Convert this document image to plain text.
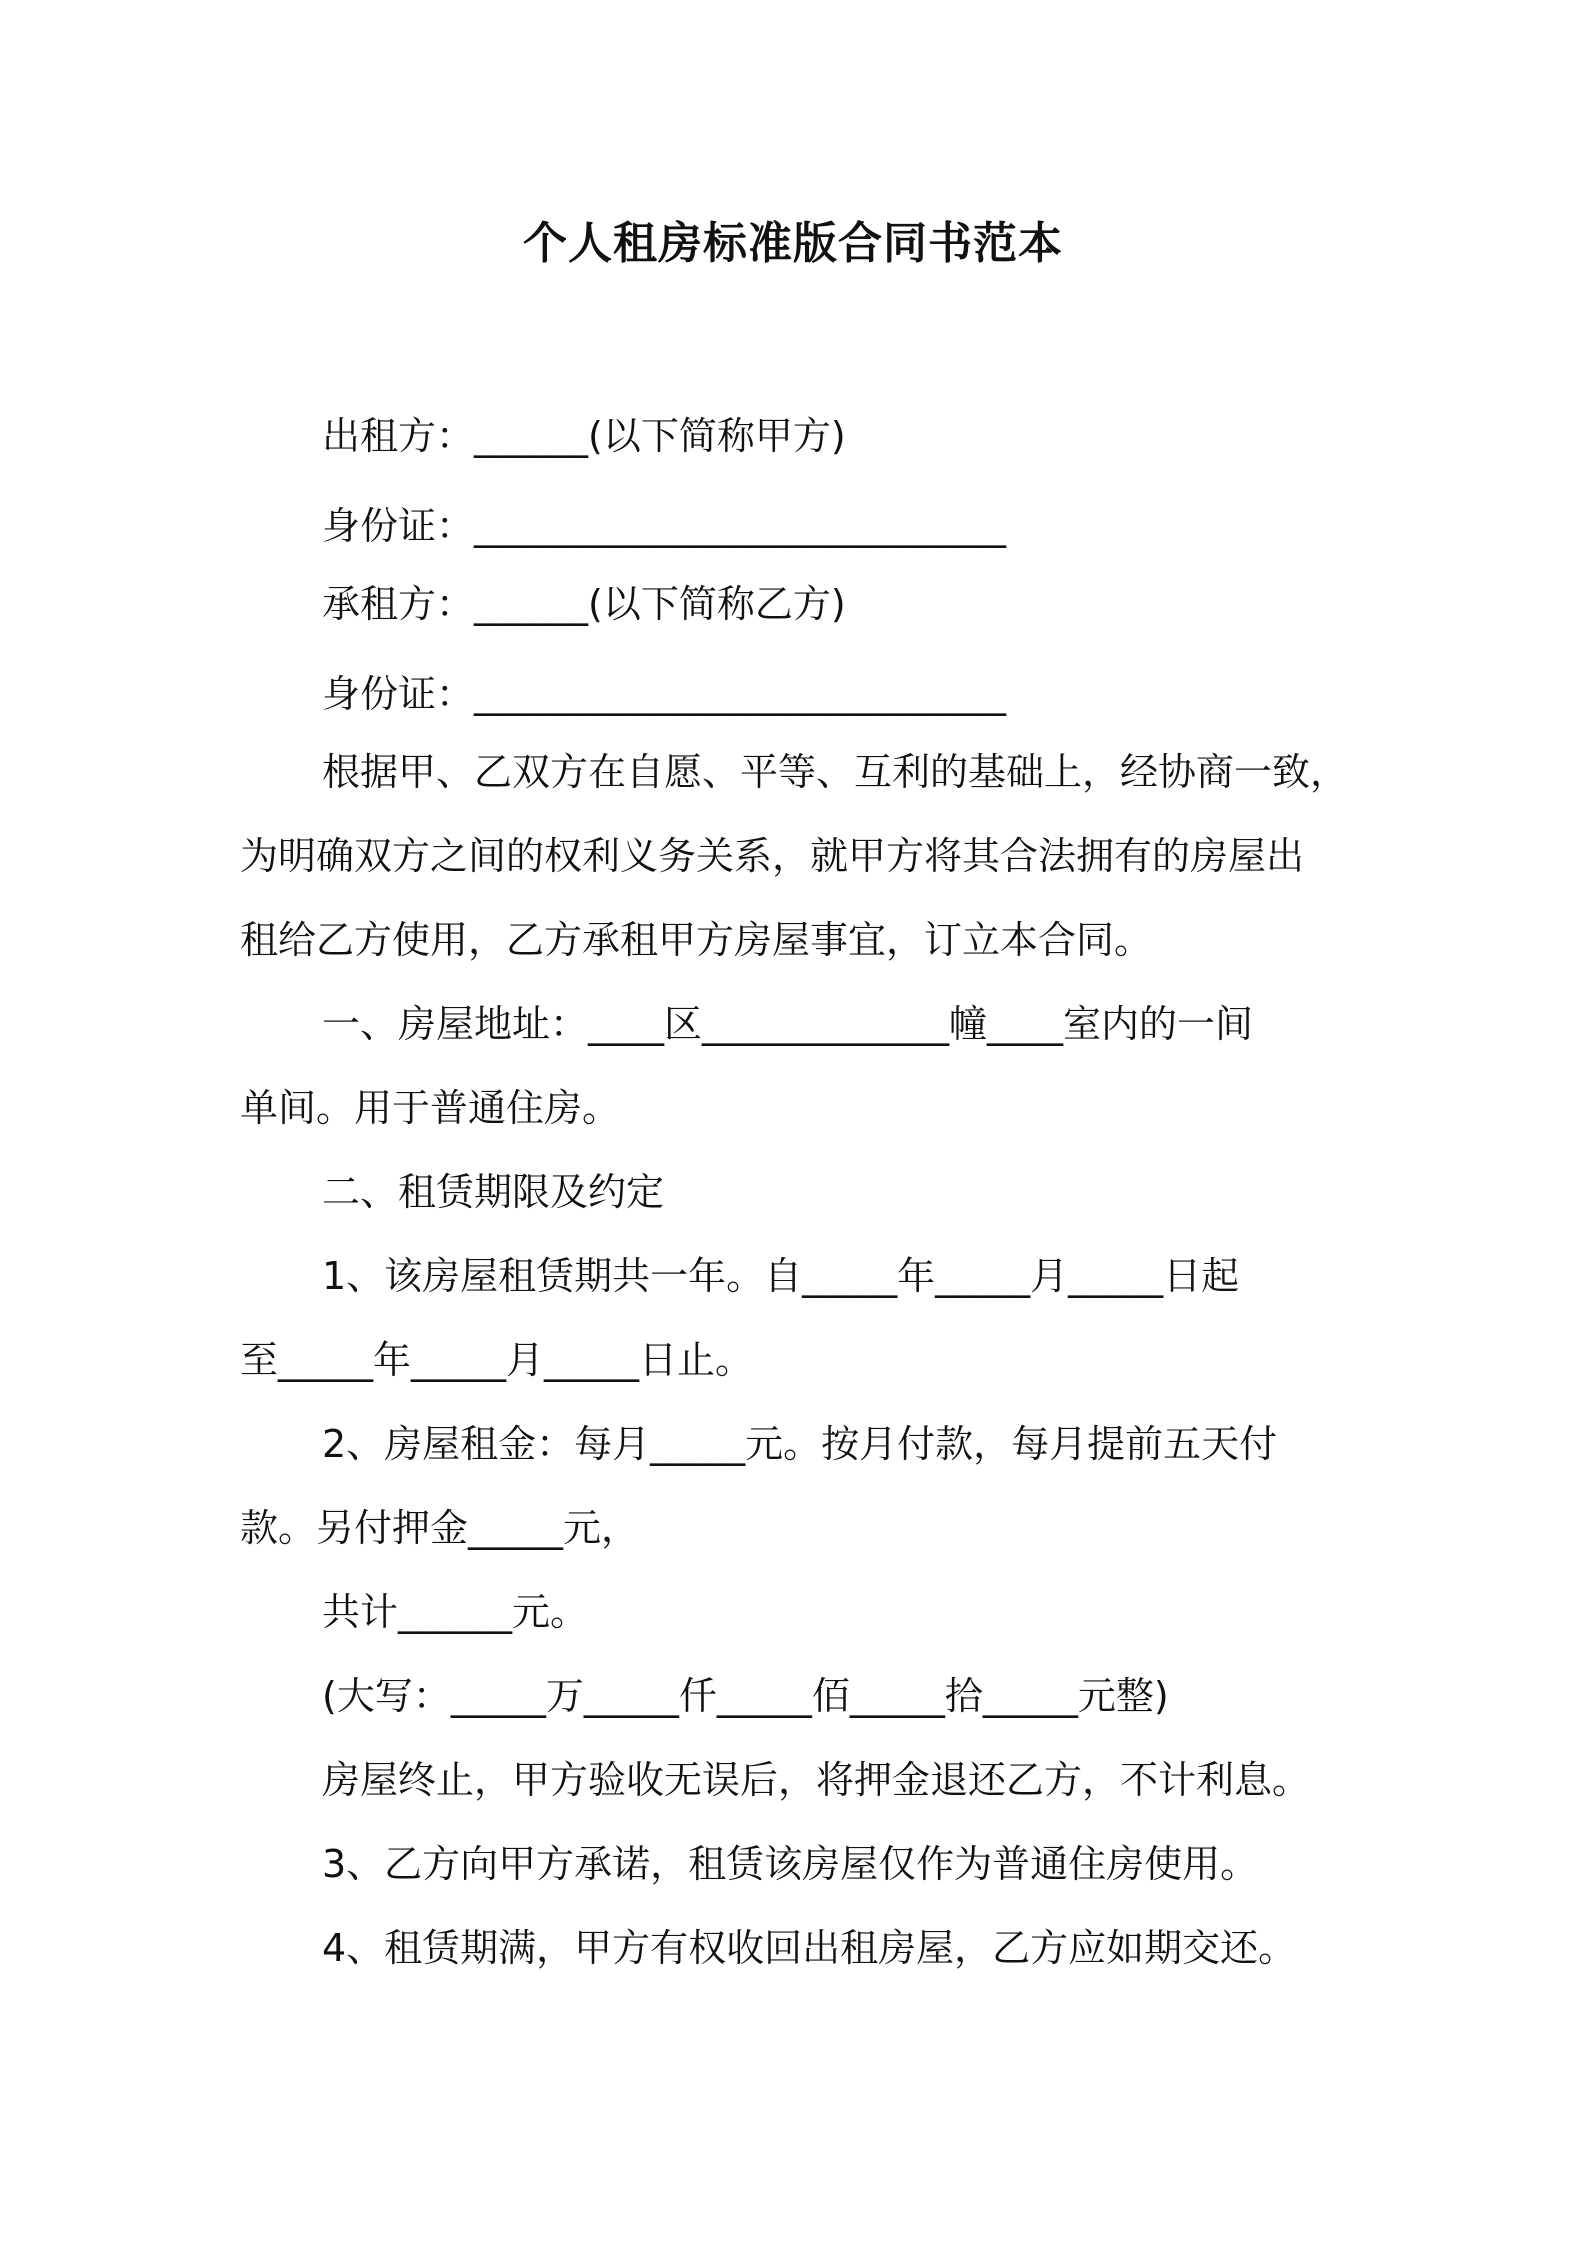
个人租房标准版合同书范本
出租方：______(以下简称甲方)
身份证：____________________________
承租方：______(以下简称乙方)
身份证：____________________________
根据甲、乙双方在自愿、平等、互利的基础上，经协商一致，
为明确双方之间的权利义务关系，就甲方将其合法拥有的房屋出
租给乙方使用，乙方承租甲方房屋事宜，订立本合同。
一、房屋地址：____区_____________幢____室内的一间
单间。用于普通住房。
二、租赁期限及约定
1、该房屋租赁期共一年。自_____年_____月_____日起
至_____年_____月_____日止。
2、房屋租金：每月_____元。按月付款，每月提前五天付
款。另付押金_____元，
共计______元。
(大写：_____万_____仟_____佰_____拾_____元整)
房屋终止，甲方验收无误后，将押金退还乙方，不计利息。
3、乙方向甲方承诺，租赁该房屋仅作为普通住房使用。
4、租赁期满，甲方有权收回出租房屋，乙方应如期交还。
